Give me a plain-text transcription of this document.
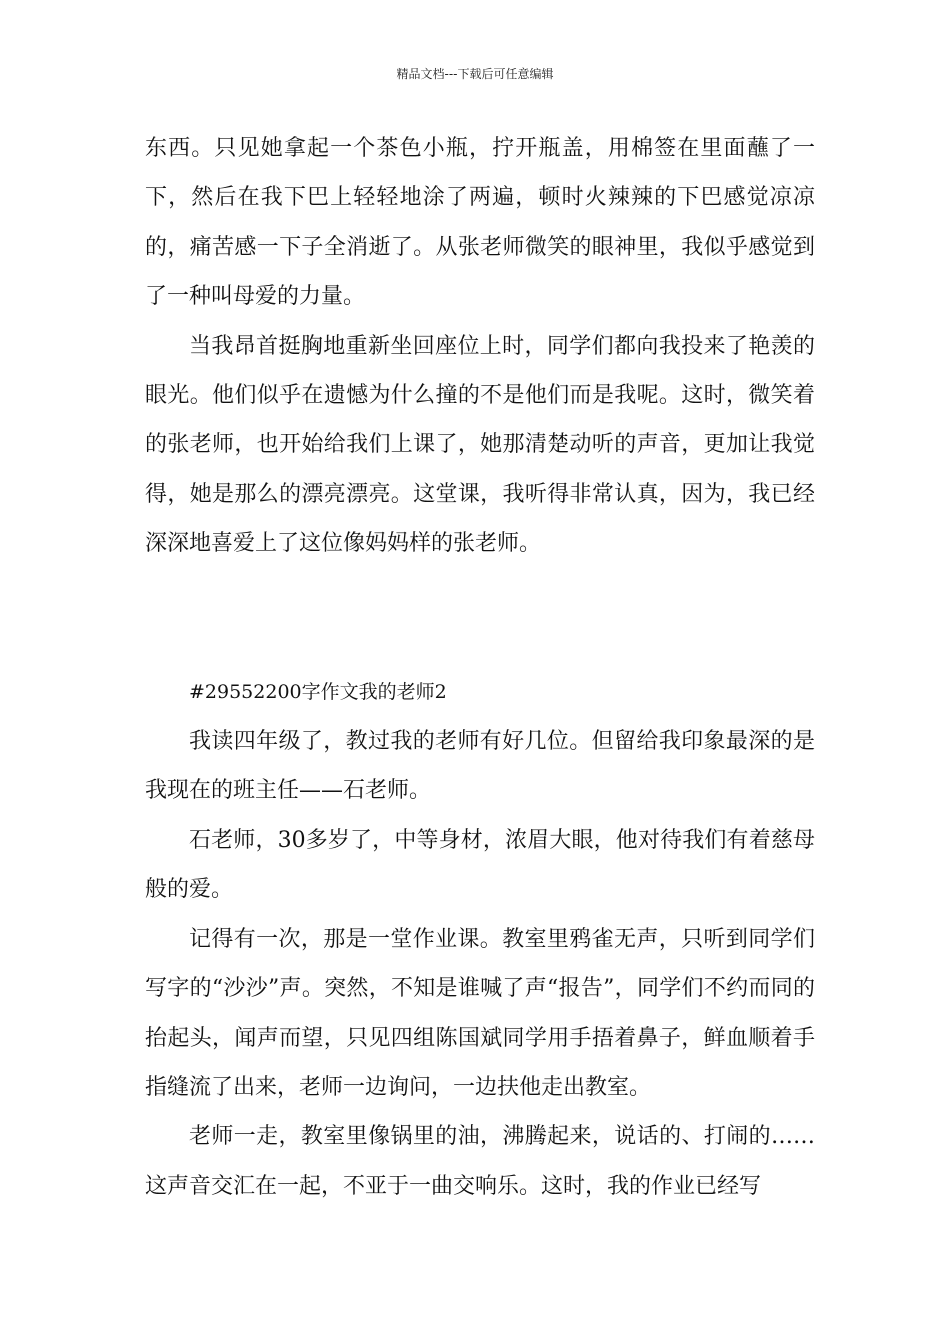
精品文档---下载后可任意编辑

东西。只见她拿起一个茶色小瓶，拧开瓶盖，用棉签在里面蘸了一下，然后在我下巴上轻轻地涂了两遍，顿时火辣辣的下巴感觉凉凉的，痛苦感一下子全消逝了。从张老师微笑的眼神里，我似乎感觉到了一种叫母爱的力量。

当我昂首挺胸地重新坐回座位上时，同学们都向我投来了艳羡的眼光。他们似乎在遗憾为什么撞的不是他们而是我呢。这时，微笑着的张老师，也开始给我们上课了，她那清楚动听的声音，更加让我觉得，她是那么的漂亮漂亮。这堂课，我听得非常认真，因为，我已经深深地喜爱上了这位像妈妈样的张老师。

#29552200字作文我的老师2

我读四年级了，教过我的老师有好几位。但留给我印象最深的是我现在的班主任——石老师。

石老师，30多岁了，中等身材，浓眉大眼，他对待我们有着慈母般的爱。

记得有一次，那是一堂作业课。教室里鸦雀无声，只听到同学们写字的“沙沙”声。突然，不知是谁喊了声“报告”，同学们不约而同的抬起头，闻声而望，只见四组陈国斌同学用手捂着鼻子，鲜血顺着手指缝流了出来，老师一边询问，一边扶他走出教室。

老师一走，教室里像锅里的油，沸腾起来，说话的、打闹的……这声音交汇在一起，不亚于一曲交响乐。这时，我的作业已经写
